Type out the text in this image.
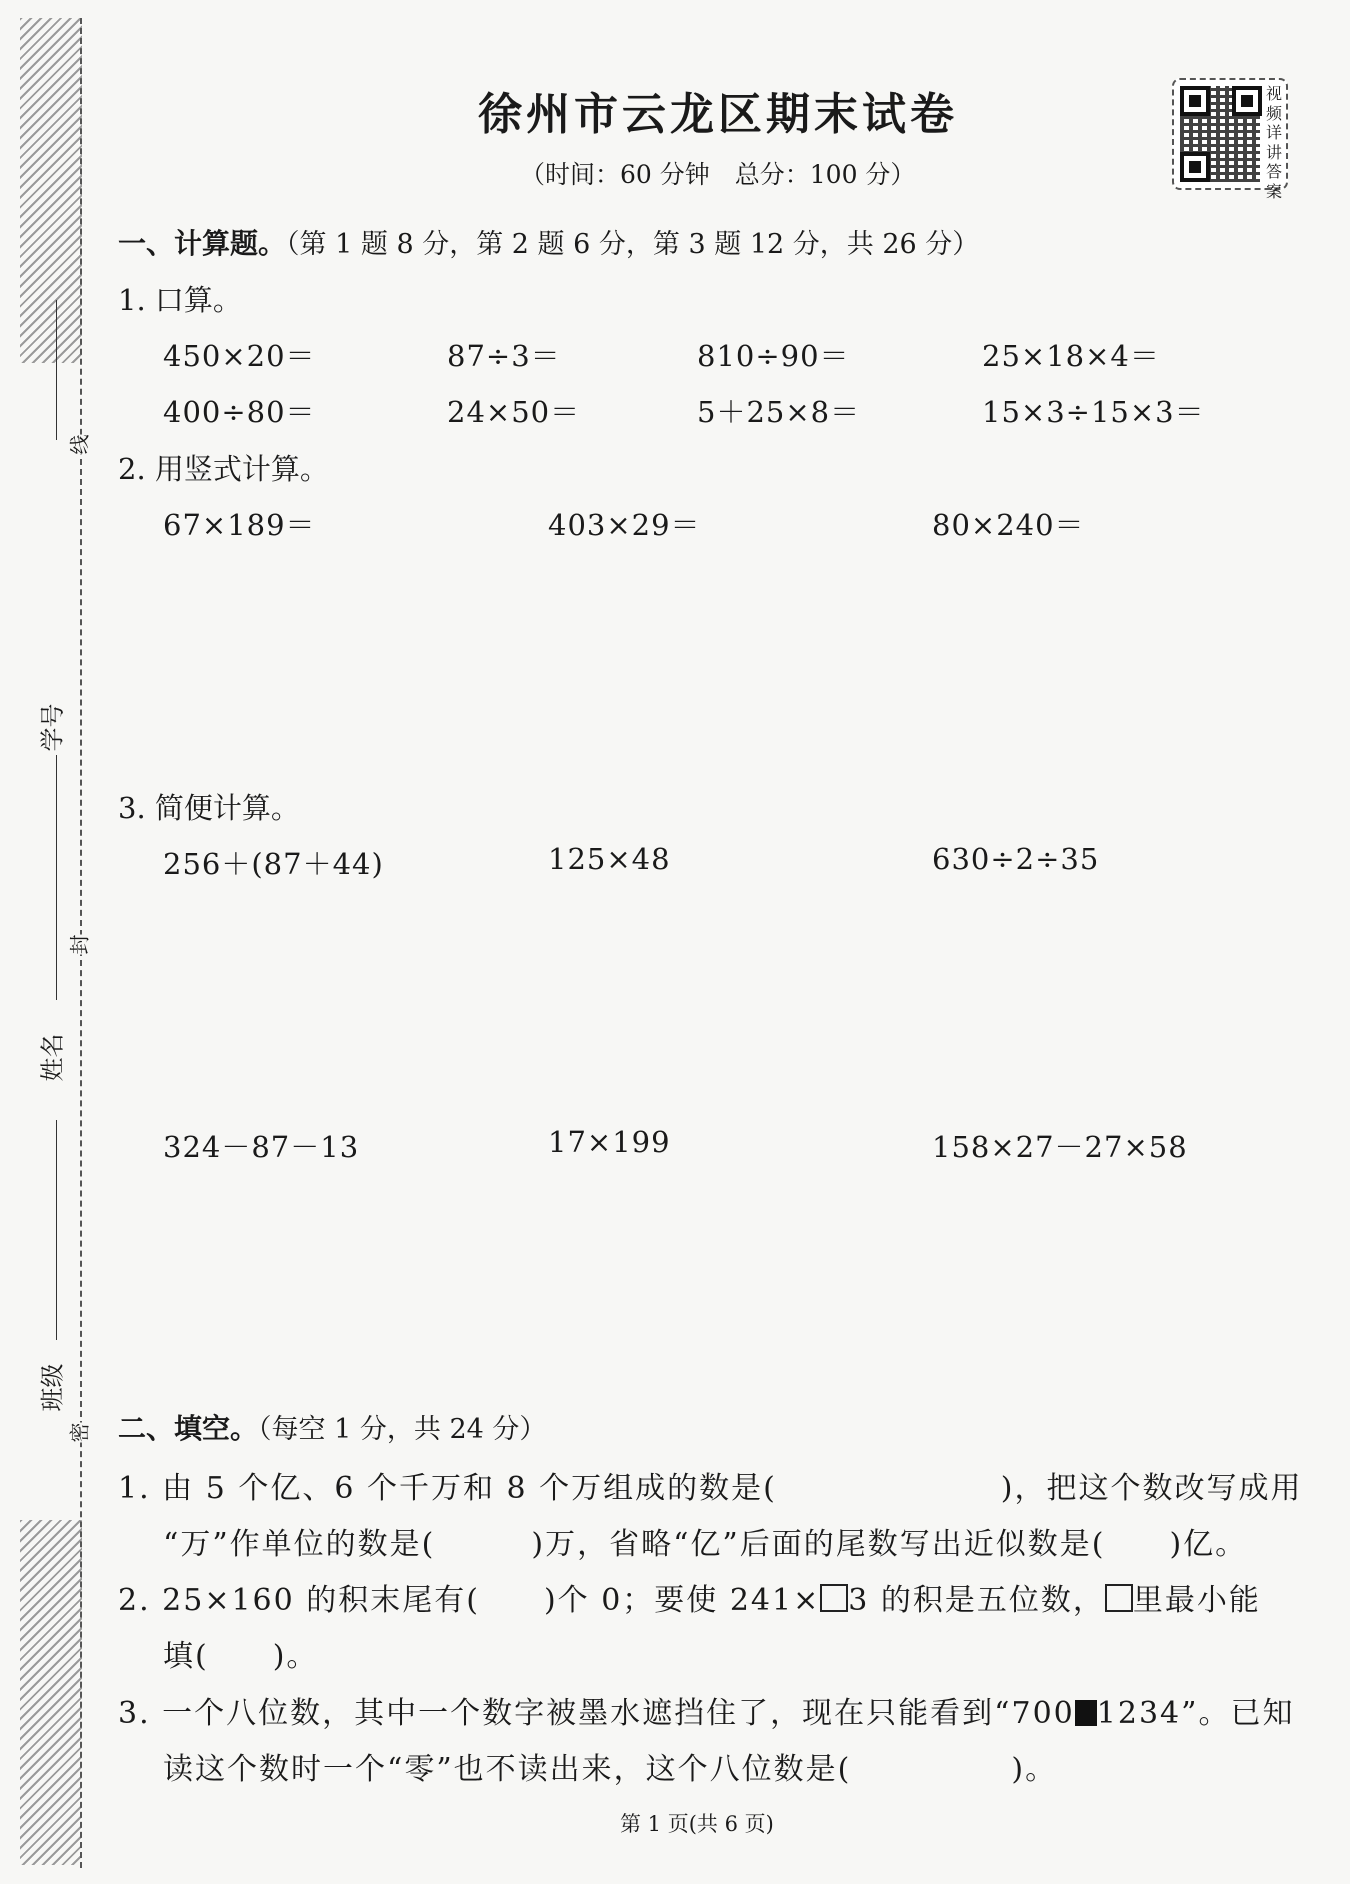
学号
姓名
班级
线
封
密
徐州市云龙区期末试卷
（时间：60 分钟　总分：100 分）
视
频
详
讲
答
案
一、计算题。（第 1 题 8 分，第 2 题 6 分，第 3 题 12 分，共 26 分）
1. 口算。
450×20＝	87÷3＝	810÷90＝	25×18×4＝
400÷80＝	24×50＝	5＋25×8＝	15×3÷15×3＝
2. 用竖式计算。
67×189＝	403×29＝	80×240＝
3. 简便计算。
256＋(87＋44)	125×48	630÷2÷35
324－87－13	17×199	158×27－27×58
二、填空。（每空 1 分，共 24 分）
1. 由 5 个亿、6 个千万和 8 个万组成的数是(　　　　　　　)，把这个数改写成用
“万”作单位的数是(　　　)万，省略“亿”后面的尾数写出近似数是(　　)亿。
2. 25×160 的积末尾有(　　)个 0；要使 241× 3 的积是五位数， 里最小能
填(　　)。
3. 一个八位数，其中一个数字被墨水遮挡住了，现在只能看到“700 1234”。已知
读这个数时一个“零”也不读出来，这个八位数是(　　　　　)。
第 1 页(共 6 页)
